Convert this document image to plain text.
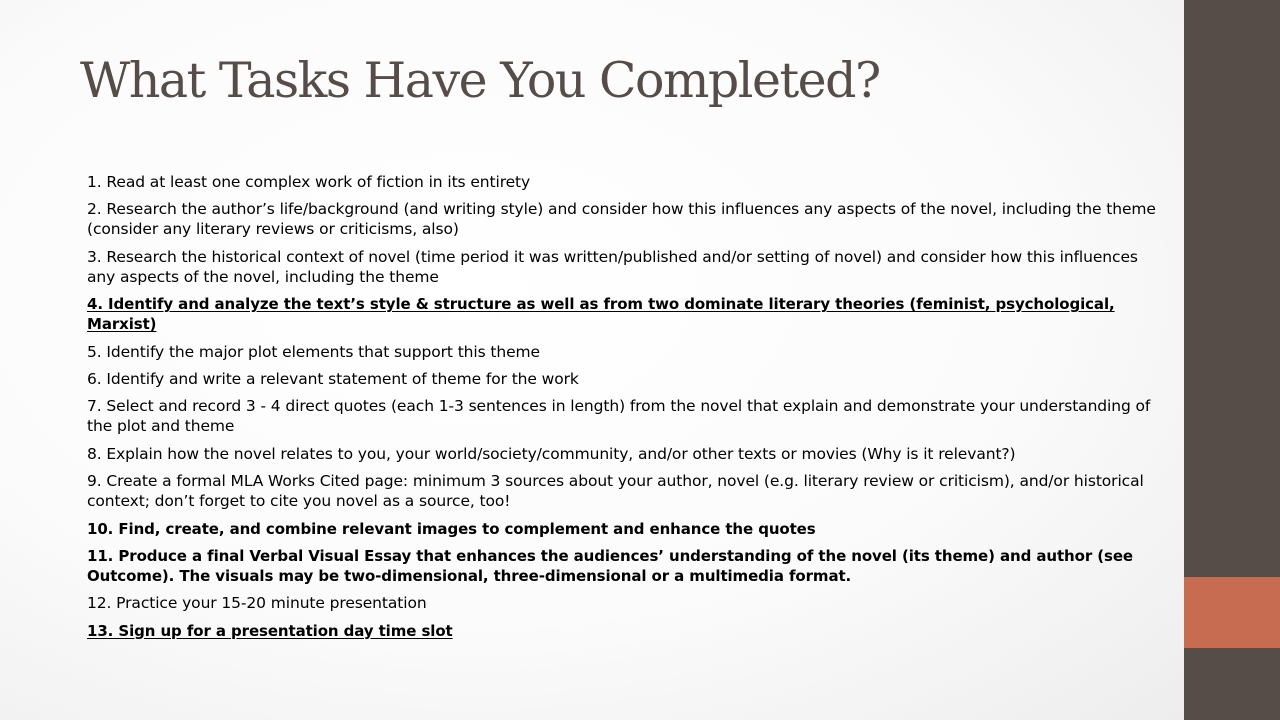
What Tasks Have You Completed?
1. Read at least one complex work of fiction in its entirety
2. Research the author’s life/background (and writing style) and consider how this influences any aspects of the novel, including the theme (consider any literary reviews or criticisms, also)
3. Research the historical context of novel (time period it was written/published and/or setting of novel) and consider how this influences any aspects of the novel, including the theme
4. Identify and analyze the text’s style & structure as well as from two dominate literary theories (feminist, psychological, Marxist)
5. Identify the major plot elements that support this theme
6. Identify and write a relevant statement of theme for the work
7. Select and record 3 - 4 direct quotes (each 1-3 sentences in length) from the novel that explain and demonstrate your understanding of the plot and theme
8. Explain how the novel relates to you, your world/society/community, and/or other texts or movies (Why is it relevant?)
9. Create a formal MLA Works Cited page: minimum 3 sources about your author, novel (e.g. literary review or criticism), and/or historical context; don’t forget to cite you novel as a source, too!
10. Find, create, and combine relevant images to complement and enhance the quotes
11. Produce a final Verbal Visual Essay that enhances the audiences’ understanding of the novel (its theme) and author (see Outcome). The visuals may be two-dimensional, three-dimensional or a multimedia format.
12. Practice your 15-20 minute presentation
13. Sign up for a presentation day time slot
